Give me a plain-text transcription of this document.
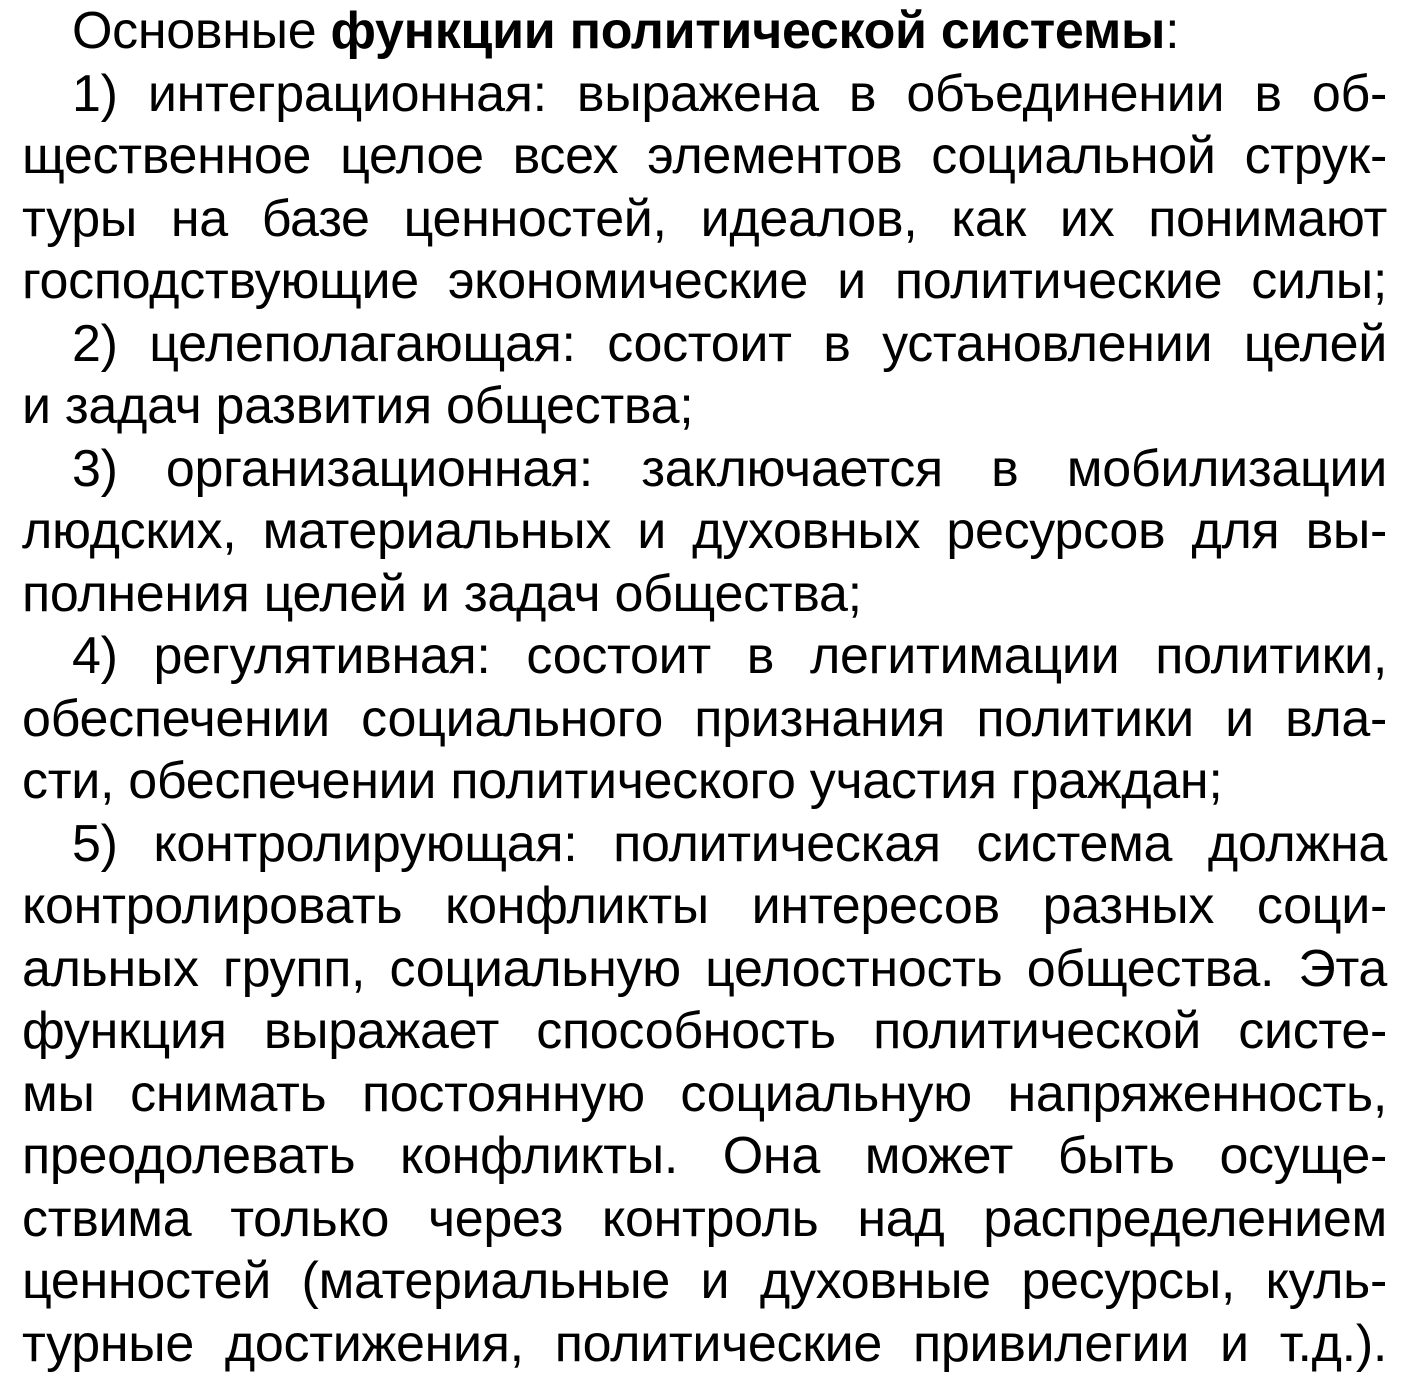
Основные функции политической системы:
1) интеграционная: выражена в объединении в об-
щественное целое всех элементов социальной струк-
туры на базе ценностей, идеалов, как их понимают
господствующие экономические и политические силы;
2) целеполагающая: состоит в установлении целей
и задач развития общества;
3) организационная: заключается в мобилизации
людских, материальных и духовных ресурсов для вы-
полнения целей и задач общества;
4) регулятивная: состоит в легитимации политики,
обеспечении социального признания политики и вла-
сти, обеспечении политического участия граждан;
5) контролирующая: политическая система должна
контролировать конфликты интересов разных соци-
альных групп, социальную целостность общества. Эта
функция выражает способность политической систе-
мы снимать постоянную социальную напряженность,
преодолевать конфликты. Она может быть осуще-
ствима только через контроль над распределением
ценностей (материальные и духовные ресурсы, куль-
турные достижения, политические привилегии и т.д.).
